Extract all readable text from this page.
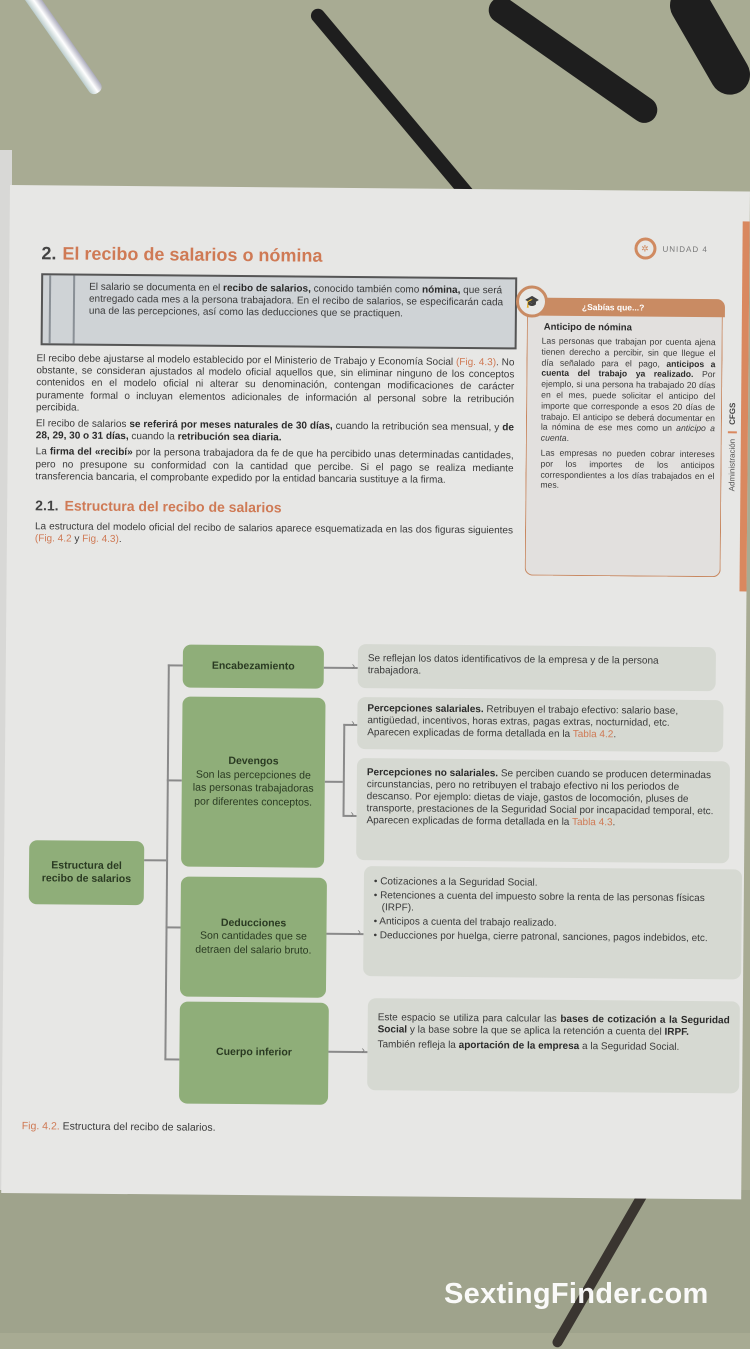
AdministraciónCFGS
✲	UNIDAD 4
2. El recibo de salarios o nómina
El salario se documenta en el recibo de salarios, conocido también como nómina, que será entregado cada mes a la persona trabajadora. En el recibo de salarios, se especificarán cada una de las percepciones, así como las deducciones que se practiquen.

El recibo debe ajustarse al modelo establecido por el Ministerio de Trabajo y Economía Social (Fig. 4.3). No obstante, se consideran ajustados al modelo oficial aquellos que, sin eliminar ninguno de los conceptos contenidos en el modelo oficial ni alterar su denominación, contengan modificaciones de carácter puramente formal o incluyan elementos adicionales de información al personal sobre la retribución percibida.

El recibo de salarios se referirá por meses naturales de 30 días, cuando la retribución sea mensual, y de 28, 29, 30 o 31 días, cuando la retribución sea diaria.

La firma del «recibí» por la persona trabajadora da fe de que ha percibido unas determinadas cantidades, pero no presupone su conformidad con la cantidad que percibe. Si el pago se realiza mediante transferencia bancaria, el comprobante expedido por la entidad bancaria sustituye a la firma.

2.1. Estructura del recibo de salarios

La estructura del modelo oficial del recibo de salarios aparece esquematizada en las dos figuras siguientes (Fig. 4.2 y Fig. 4.3).

¿Sabías que...?
🎓
Anticipo de nómina

Las personas que trabajan por cuenta ajena tienen derecho a percibir, sin que llegue el día señalado para el pago, anticipos a cuenta del trabajo ya realizado. Por ejemplo, si una persona ha trabajado 20 días en el mes, puede solicitar el anticipo del importe que corresponde a esos 20 días de trabajo. El anticipo se deberá documentar en la nómina de ese mes como un anticipo a cuenta.

Las empresas no pueden cobrar intereses por los importes de los anticipos correspondientes a los días trabajados en el mes.

Estructura del recibo de salarios
Encabezamiento	›	Se reflejan los datos identificativos de la empresa y de la persona trabajadora.
Devengos
Son las percepciones de las personas trabajadoras por diferentes conceptos.
›
›
Percepciones salariales. Retribuyen el trabajo efectivo: salario base, antigüedad, incentivos, horas extras, pagas extras, nocturnidad, etc. Aparecen explicadas de forma detallada en la Tabla 4.2.
Percepciones no salariales. Se perciben cuando se producen determinadas circunstancias, pero no retribuyen el trabajo efectivo ni los periodos de descanso. Por ejemplo: dietas de viaje, gastos de locomoción, pluses de transporte, prestaciones de la Seguridad Social por incapacidad temporal, etc. Aparecen explicadas de forma detallada en la Tabla 4.3.
Deducciones
Son cantidades que se detraen del salario bruto.
›
• Cotizaciones a la Seguridad Social.
• Retenciones a cuenta del impuesto sobre la renta de las personas físicas (IRPF).
• Anticipos a cuenta del trabajo realizado.
• Deducciones por huelga, cierre patronal, sanciones, pagos indebidos, etc.
Cuerpo inferior	›

Este espacio se utiliza para calcular las bases de cotización a la Seguridad Social y la base sobre la que se aplica la retención a cuenta del IRPF.

También refleja la aportación de la empresa a la Seguridad Social.

Fig. 4.2. Estructura del recibo de salarios.
SextingFinder.com
